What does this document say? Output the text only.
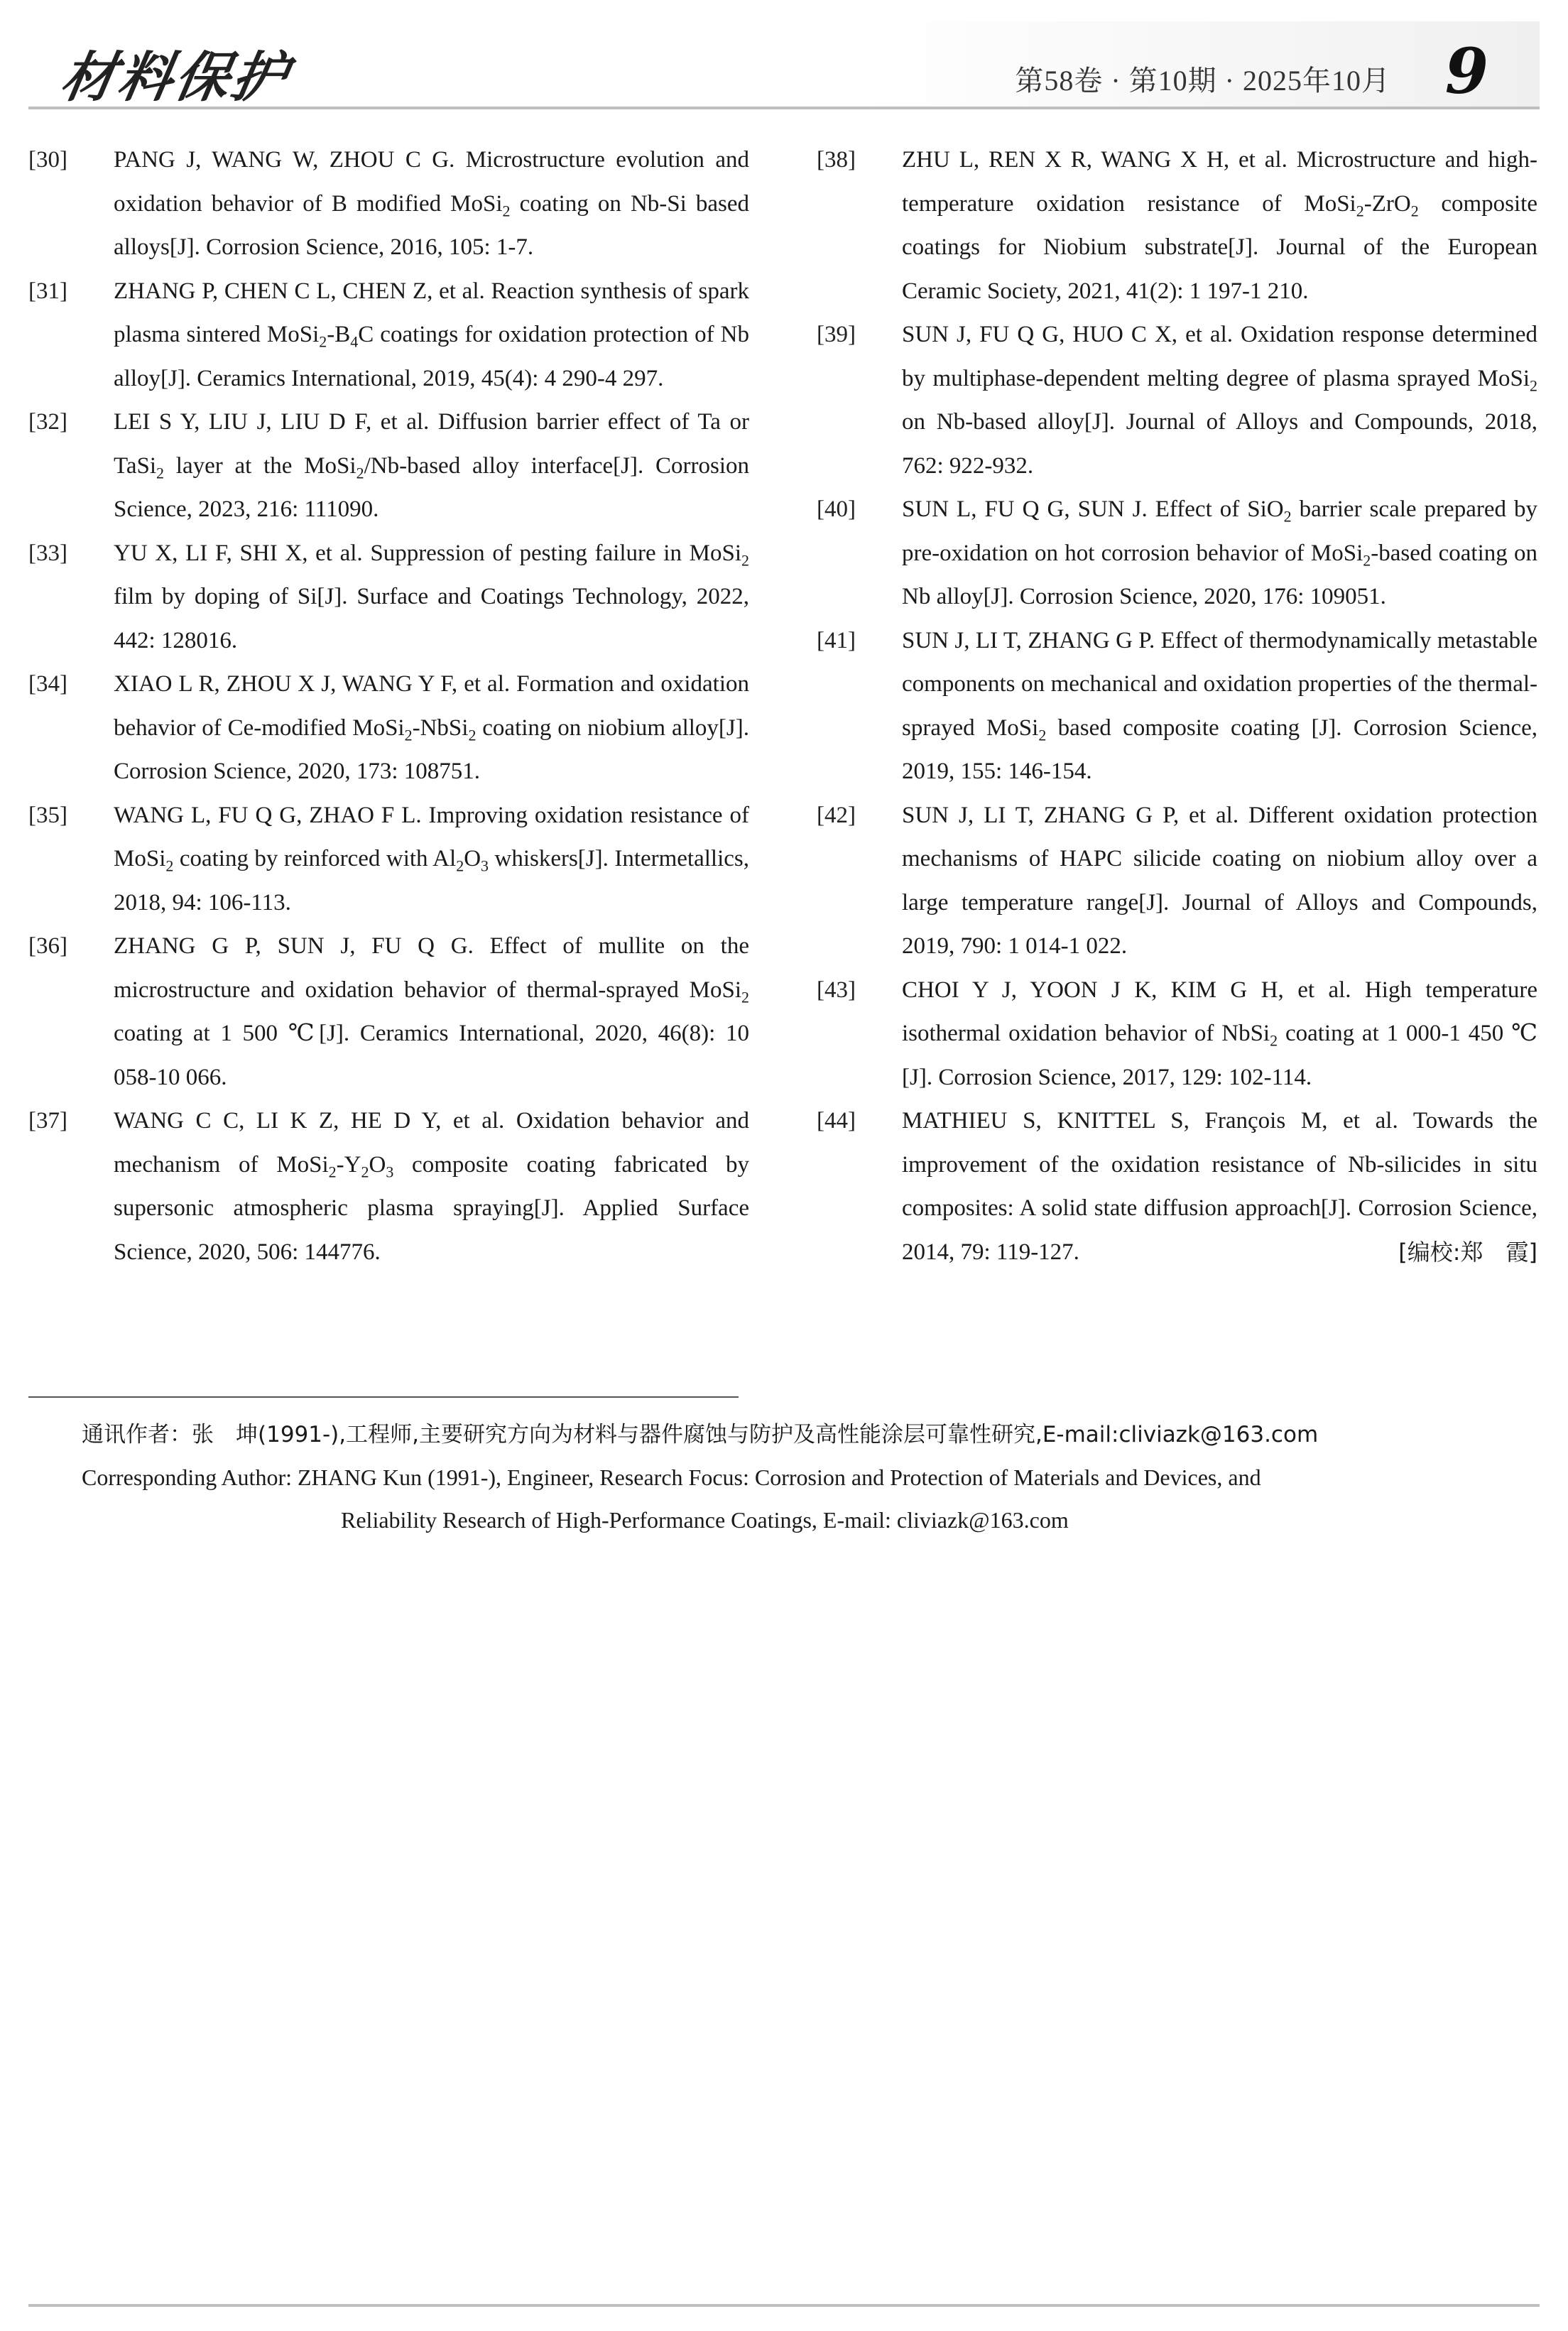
材料保护	第58卷 · 第10期 · 2025年10月 9
[30]	PANG J, WANG W, ZHOU C G. Microstructure evolution and oxidation behavior of B modified MoSi$_2$ coating on Nb-Si based alloys[J]. Corrosion Science, 2016, 105: 1-7.
[31]	ZHANG P, CHEN C L, CHEN Z, et al. Reaction synthesis of spark plasma sintered $MoSi_2-B_4C$ coatings for oxidation protection of Nb alloy[J]. Ceramics International, 2019, 45(4): 4 290-4 297.
[32]	LEI S Y, LIU J, LIU D F, et al. Diffusion barrier effect of Ta or TaSi$_2$ layer at the MoSi$_2$/Nb-based alloy interface[J]. Corrosion Science, 2023, 216: 111090.
[33]	YU X, LI F, SHI X, et al. Suppression of pesting failure in MoSi$_2$ film by doping of Si[J]. Surface and Coatings Technology, 2022, 442: 128016.
[34]	XIAO L R, ZHOU X J, WANG Y F, et al. Formation and oxidation behavior of Ce-modified MoSi$_2$-NbSi$_2$ coating on niobium alloy[J]. Corrosion Science, 2020, 173: 108751.
[35]	WANG L, FU Q G, ZHAO F L. Improving oxidation resistance of MoSi$_2$ coating by reinforced with $Al_2O_3$ whiskers[J]. Intermetallics, 2018, 94: 106-113.
[36]	ZHANG G P, SUN J, FU Q G. Effect of mullite on the microstructure and oxidation behavior of thermal-sprayed MoSi$_2$ coating at 1 500 ℃[J]. Ceramics International, 2020, 46(8): 10 058-10 066.
[37]	WANG C C, LI K Z, HE D Y, et al. Oxidation behavior and mechanism of $MoSi_2-Y_2O_3$ composite coating fabricated by supersonic atmospheric plasma spraying[J]. Applied Surface Science, 2020, 506: 144776.
[38]	ZHU L, REN X R, WANG X H, et al. Microstructure and high-temperature oxidation resistance of MoSi$_2$-ZrO$_2$ composite coatings for Niobium substrate[J]. Journal of the European Ceramic Society, 2021, 41(2): 1 197-1 210.
[39]	SUN J, FU Q G, HUO C X, et al. Oxidation response determined by multiphase-dependent melting degree of plasma sprayed MoSi$_2$ on Nb-based alloy[J]. Journal of Alloys and Compounds, 2018, 762: 922-932.
[40]	SUN L, FU Q G, SUN J. Effect of SiO$_2$ barrier scale prepared by pre-oxidation on hot corrosion behavior of MoSi$_2$-based coating on Nb alloy[J]. Corrosion Science, 2020, 176: 109051.
[41]	SUN J, LI T, ZHANG G P. Effect of thermodynamically metastable components on mechanical and oxidation properties of the thermal-sprayed MoSi$_2$ based composite coating [J]. Corrosion Science, 2019, 155: 146-154.
[42]	SUN J, LI T, ZHANG G P, et al. Different oxidation protection mechanisms of HAPC silicide coating on niobium alloy over a large temperature range[J]. Journal of Alloys and Compounds, 2019, 790: 1 014-1 022.
[43]	CHOI Y J, YOON J K, KIM G H, et al. High temperature isothermal oxidation behavior of NbSi$_2$ coating at 1 000-1 450 ℃[J]. Corrosion Science, 2017, 129: 102-114.
[44]	MATHIEU S, KNITTEL S, François M, et al. Towards the improvement of the oxidation resistance of Nb-silicides in situ composites: A solid state diffusion approach[J]. Corrosion Science, 2014, 79: 119-127.	[编校:郑　霞]
通讯作者：张　坤(1991-),工程师,主要研究方向为材料与器件腐蚀与防护及高性能涂层可靠性研究,E-mail:cliviazk@163.com
Corresponding Author: ZHANG Kun (1991-), Engineer, Research Focus: Corrosion and Protection of Materials and Devices, and
Reliability Research of High-Performance Coatings, E-mail: cliviazk@163.com
